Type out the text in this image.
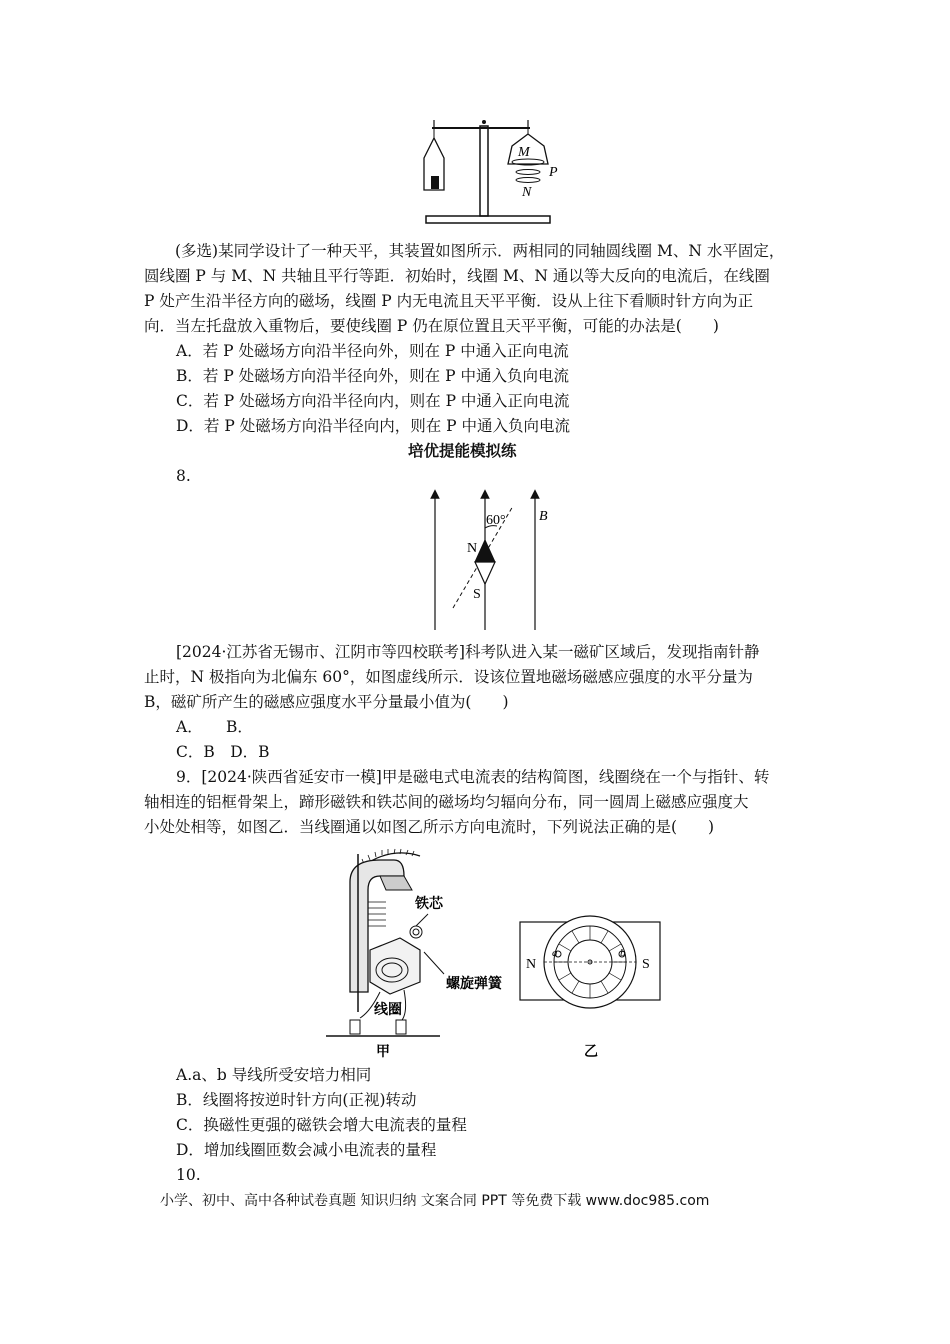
M
P
N
(多选)某同学设计了一种天平，其装置如图所示．两相同的同轴圆线圈 M、N 水平固定，
圆线圈 P 与 M、N 共轴且平行等距．初始时，线圈 M、N 通以等大反向的电流后，在线圈
P 处产生沿半径方向的磁场，线圈 P 内无电流且天平平衡．设从上往下看顺时针方向为正
向．当左托盘放入重物后，要使线圈 P 仍在原位置且天平平衡，可能的办法是(　　)
A．若 P 处磁场方向沿半径向外，则在 P 中通入正向电流
B．若 P 处磁场方向沿半径向外，则在 P 中通入负向电流
C．若 P 处磁场方向沿半径向内，则在 P 中通入正向电流
D．若 P 处磁场方向沿半径向内，则在 P 中通入负向电流
培优提能模拟练
8.
60°
N
S
B
[2024·江苏省无锡市、江阴市等四校联考]科考队进入某一磁矿区域后，发现指南针静
止时，N 极指向为北偏东 60°，如图虚线所示．设该位置地磁场磁感应强度的水平分量为
B，磁矿所产生的磁感应强度水平分量最小值为(　　)
A．　　B．
C．B　D．B
9．[2024·陕西省延安市一模]甲是磁电式电流表的结构简图，线圈绕在一个与指针、转
轴相连的铝框骨架上，蹄形磁铁和铁芯间的磁场均匀辐向分布，同一圆周上磁感应强度大
小处处相等，如图乙．当线圈通以如图乙所示方向电流时，下列说法正确的是(　　)
铁芯
螺旋弹簧
线圈
甲
N	S
a	b
乙
A.a、b 导线所受安培力相同
B．线圈将按逆时针方向(正视)转动
C．换磁性更强的磁铁会增大电流表的量程
D．增加线圈匝数会减小电流表的量程
10.
小学、初中、高中各种试卷真题 知识归纳 文案合同 PPT 等免费下载 www.doc985.com
